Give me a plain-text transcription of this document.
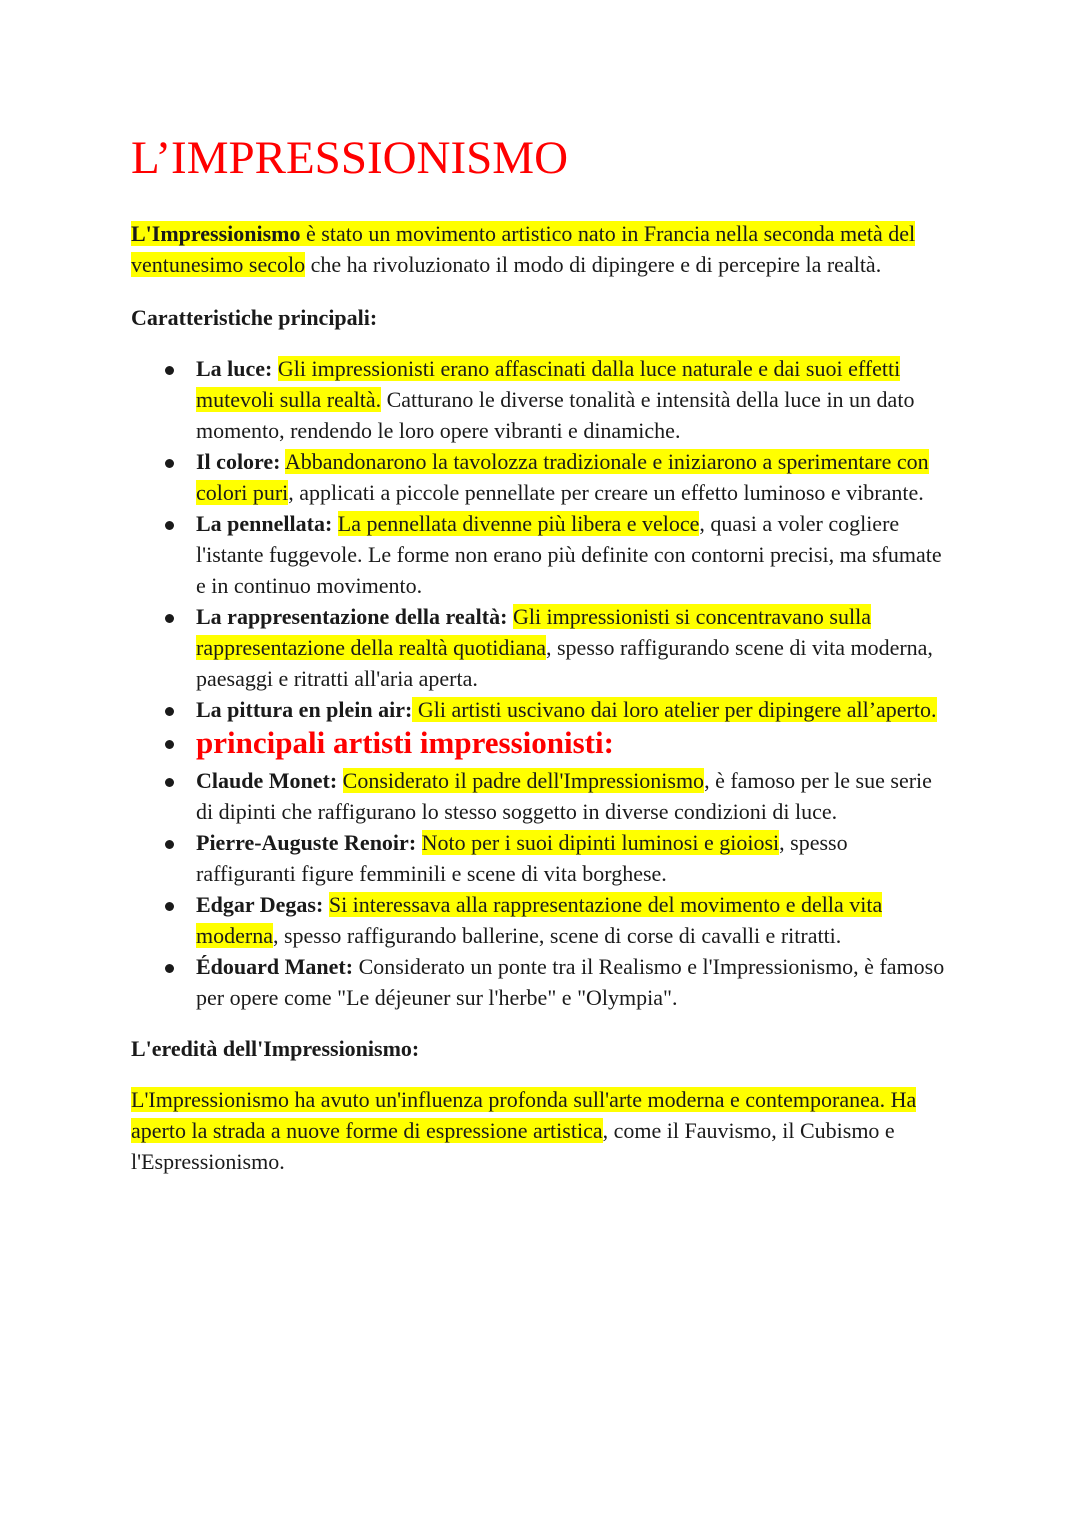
L’IMPRESSIONISMO

L'Impressionismo è stato un movimento artistico nato in Francia nella seconda metà del ventunesimo secolo che ha rivoluzionato il modo di dipingere e di percepire la realtà.

Caratteristiche principali:
La luce: Gli impressionisti erano affascinati dalla luce naturale e dai suoi effetti mutevoli sulla realtà. Catturano le diverse tonalità e intensità della luce in un dato momento, rendendo le loro opere vibranti e dinamiche.
Il colore: Abbandonarono la tavolozza tradizionale e iniziarono a sperimentare con colori puri, applicati a piccole pennellate per creare un effetto luminoso e vibrante.
La pennellata: La pennellata divenne più libera e veloce, quasi a voler cogliere l'istante fuggevole. Le forme non erano più definite con contorni precisi, ma sfumate e in continuo movimento.
La rappresentazione della realtà: Gli impressionisti si concentravano sulla rappresentazione della realtà quotidiana, spesso raffigurando scene di vita moderna, paesaggi e ritratti all'aria aperta.
La pittura en plein air: Gli artisti uscivano dai loro atelier per dipingere all’aperto.
principali artisti impressionisti:
Claude Monet: Considerato il padre dell'Impressionismo, è famoso per le sue serie di dipinti che raffigurano lo stesso soggetto in diverse condizioni di luce.
Pierre-Auguste Renoir: Noto per i suoi dipinti luminosi e gioiosi, spesso raffiguranti figure femminili e scene di vita borghese.
Edgar Degas: Si interessava alla rappresentazione del movimento e della vita moderna, spesso raffigurando ballerine, scene di corse di cavalli e ritratti.
Édouard Manet: Considerato un ponte tra il Realismo e l'Impressionismo, è famoso per opere come "Le déjeuner sur l'herbe" e "Olympia".
L'eredità dell'Impressionismo:

L'Impressionismo ha avuto un'influenza profonda sull'arte moderna e contemporanea. Ha aperto la strada a nuove forme di espressione artistica, come il Fauvismo, il Cubismo e l'Espressionismo.
